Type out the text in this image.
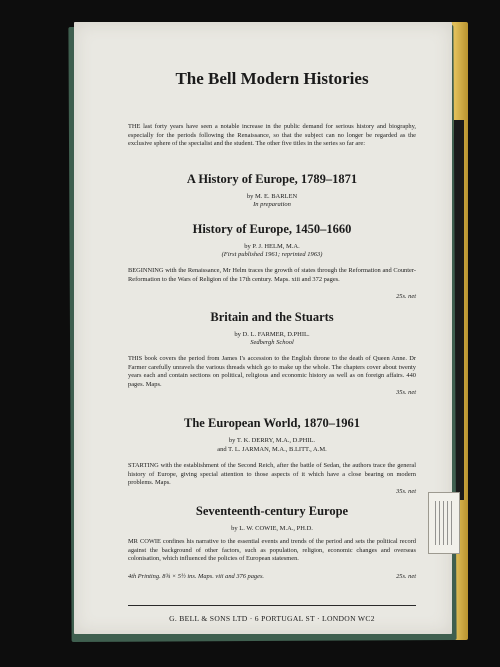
The Bell Modern Histories
THE last forty years have seen a notable increase in the public demand for serious history and biography, especially for the periods following the Renaissance, so that the subject can no longer be regarded as the exclusive sphere of the specialist and the student. The other five titles in the series so far are:
A History of Europe, 1789–1871
by M. E. BARLEN
In preparation
History of Europe, 1450–1660
by P. J. HELM, M.A.
(First published 1961; reprinted 1963)
BEGINNING with the Renaissance, Mr Helm traces the growth of states through the Reformation and Counter-Reformation to the Wars of Religion of the 17th century. Maps. xiii and 372 pages.
25s. net
Britain and the Stuarts
by D. L. FARMER, D.PHIL.
Sedbergh School
THIS book covers the period from James I's accession to the English throne to the death of Queen Anne. Dr Farmer carefully unravels the various threads which go to make up the whole. The chapters cover about twenty years each and contain sections on political, religious and economic history as well as on foreign affairs. 440 pages. Maps.
35s. net
The European World, 1870–1961
by T. K. DERRY, M.A., D.PHIL.
and T. L. JARMAN, M.A., B.LITT., A.M.
STARTING with the establishment of the Second Reich, after the battle of Sedan, the authors trace the general history of Europe, giving special attention to those aspects of it which have a close bearing on modern problems. Maps.
35s. net
Seventeenth-century Europe
by L. W. COWIE, M.A., PH.D.
MR COWIE confines his narrative to the essential events and trends of the period and sets the political record against the background of other factors, such as population, religion, economic changes and overseas colonisation, which influenced the policies of European statesmen.
4th Printing. 8¾ × 5½ ins. Maps. viii and 376 pages.	25s. net
G. BELL & SONS LTD · 6 PORTUGAL ST · LONDON WC2
